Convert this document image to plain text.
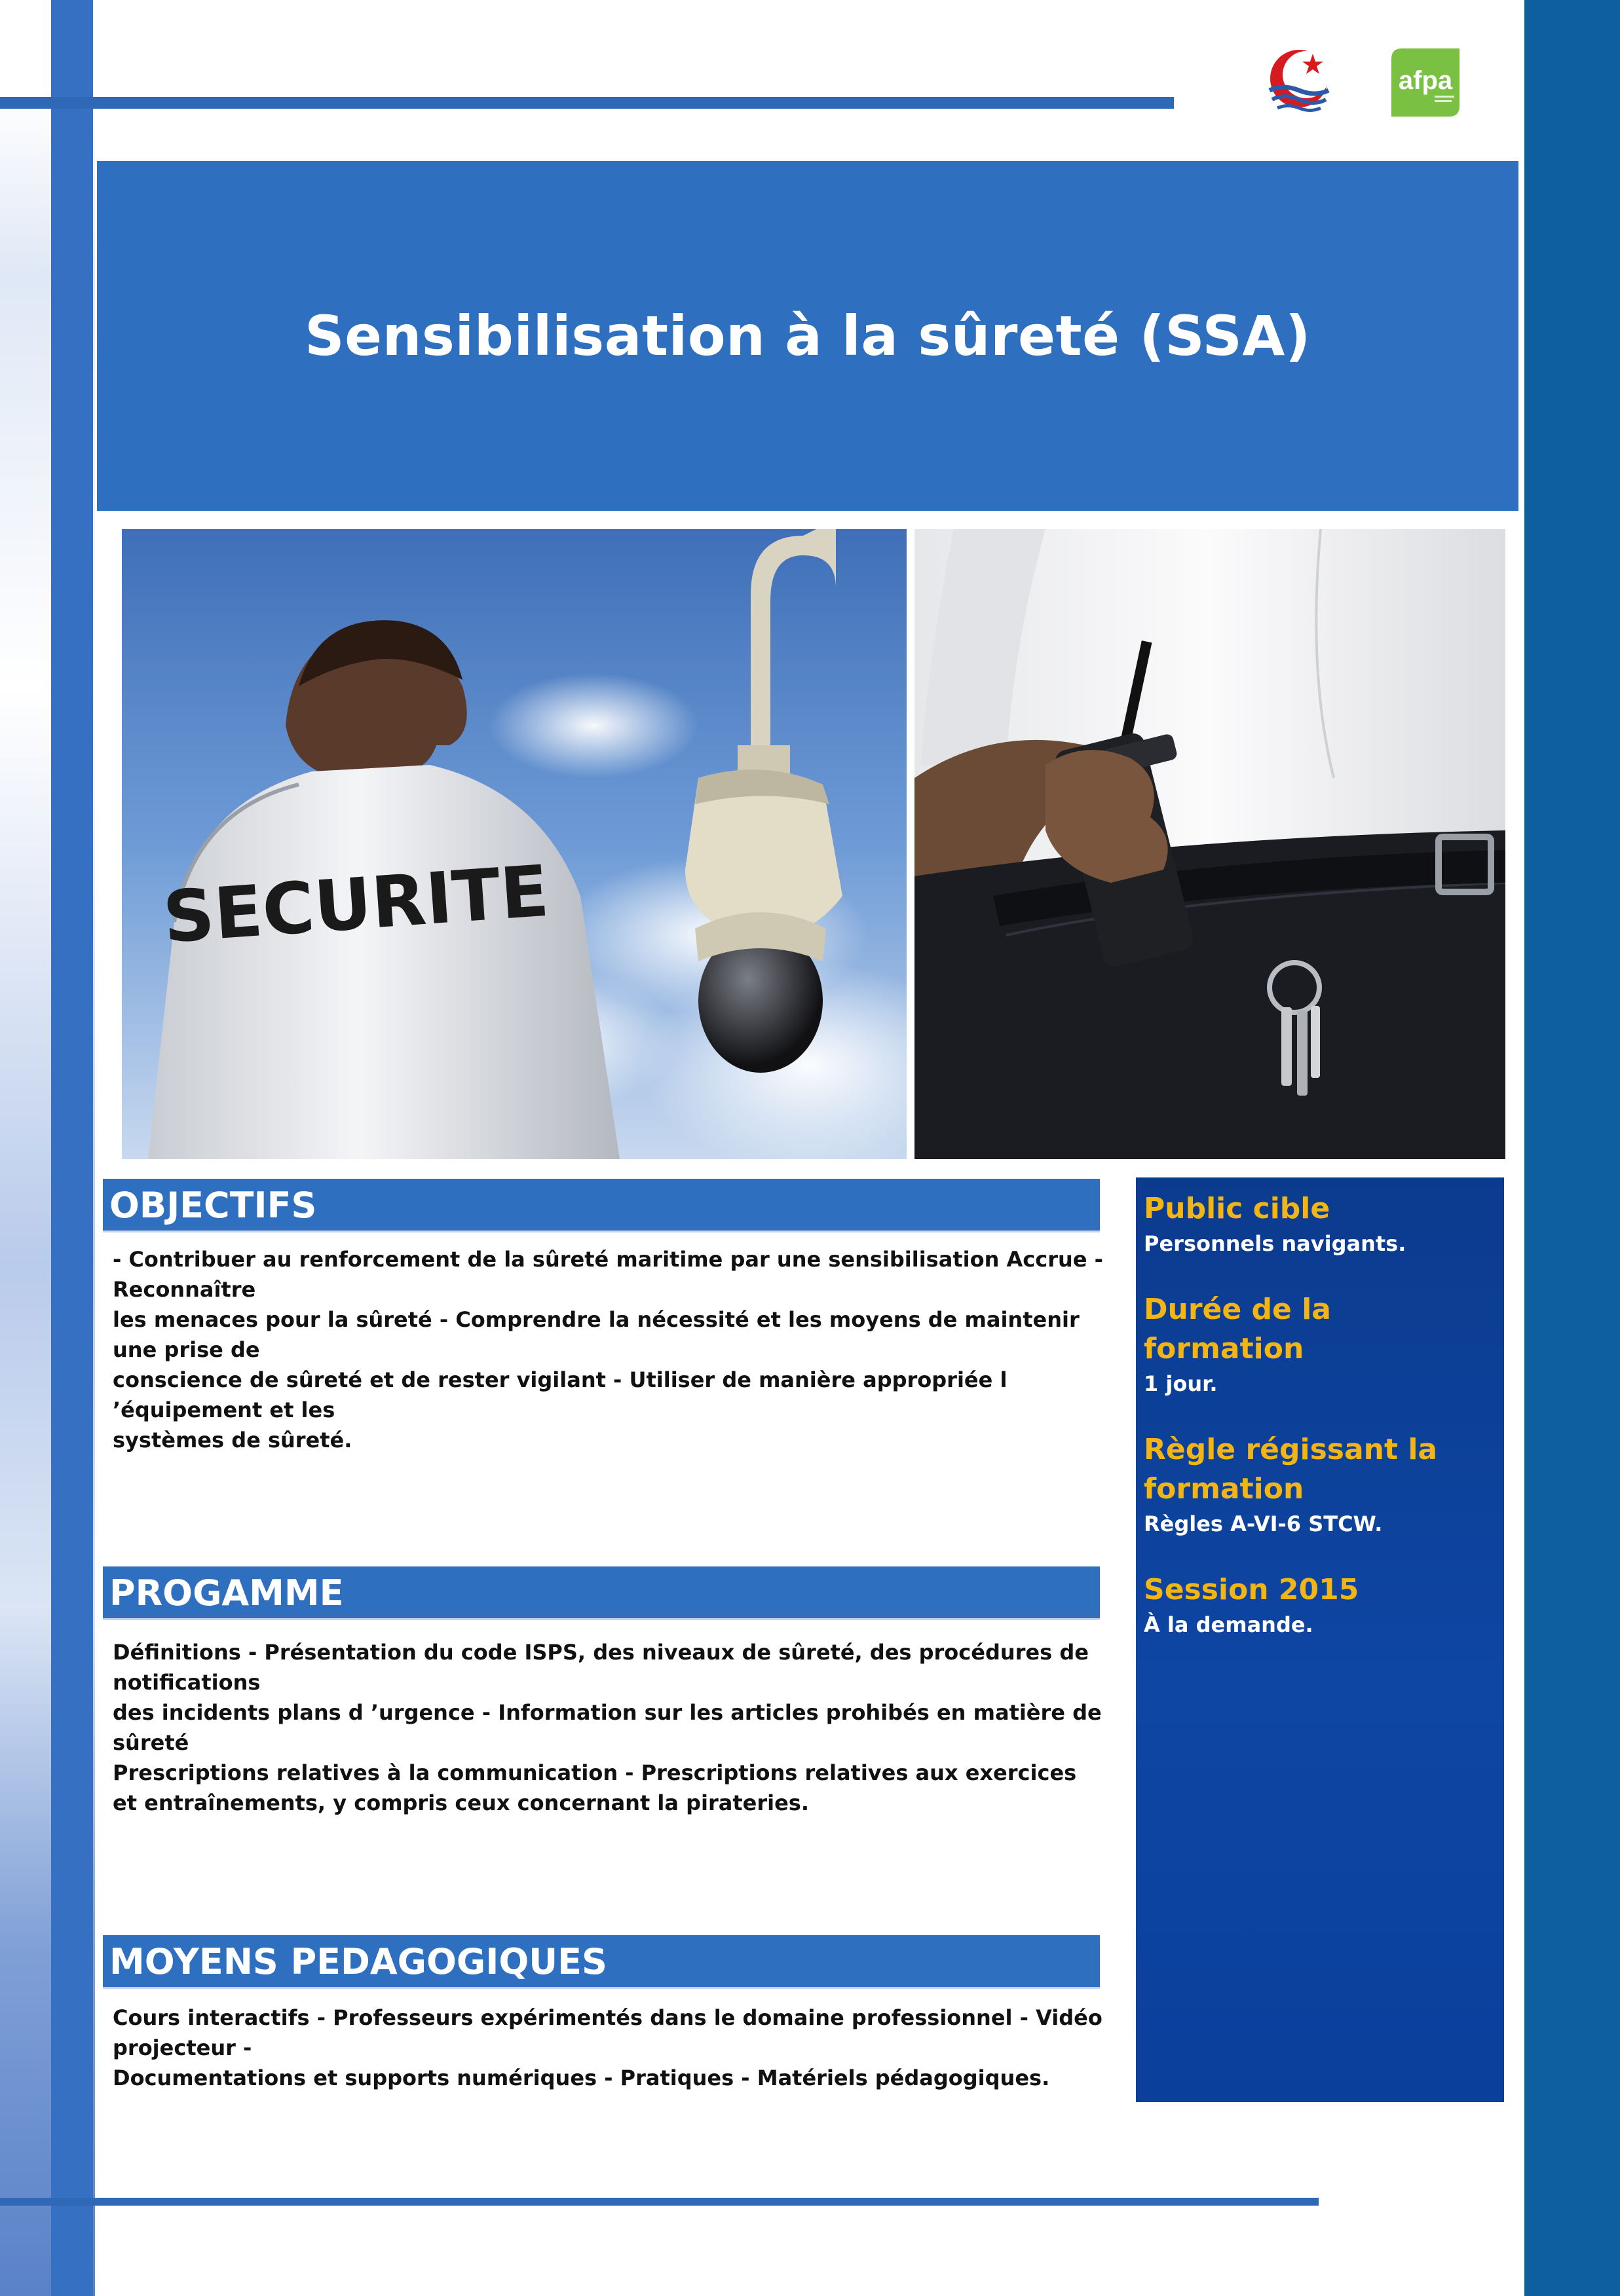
afpa
Sensibilisation à la sûreté (SSA)
SECURITE
OBJECTIFS
- Contribuer au renforcement de la sûreté maritime par une sensibilisation Accrue - Reconnaître
les menaces pour la sûreté - Comprendre la nécessité et les moyens de maintenir une prise de
conscience de sûreté et de rester vigilant - Utiliser de manière appropriée l ’équipement et les
systèmes de sûreté.
PROGAMME
Définitions - Présentation du code ISPS, des niveaux de sûreté, des procédures de notifications
des incidents plans d ’urgence - Information sur les articles prohibés en matière de sûreté
Prescriptions relatives à la communication - Prescriptions relatives aux exercices
et entraînements, y compris ceux concernant la pirateries.
MOYENS PEDAGOGIQUES
Cours interactifs - Professeurs expérimentés dans le domaine professionnel - Vidéo projecteur -
Documentations et supports numériques - Pratiques - Matériels pédagogiques.
Public cible
Personnels navigants.
Durée de la formation
1 jour.
Règle régissant la
formation
Règles A-VI-6 STCW.
Session 2015
À la demande.
